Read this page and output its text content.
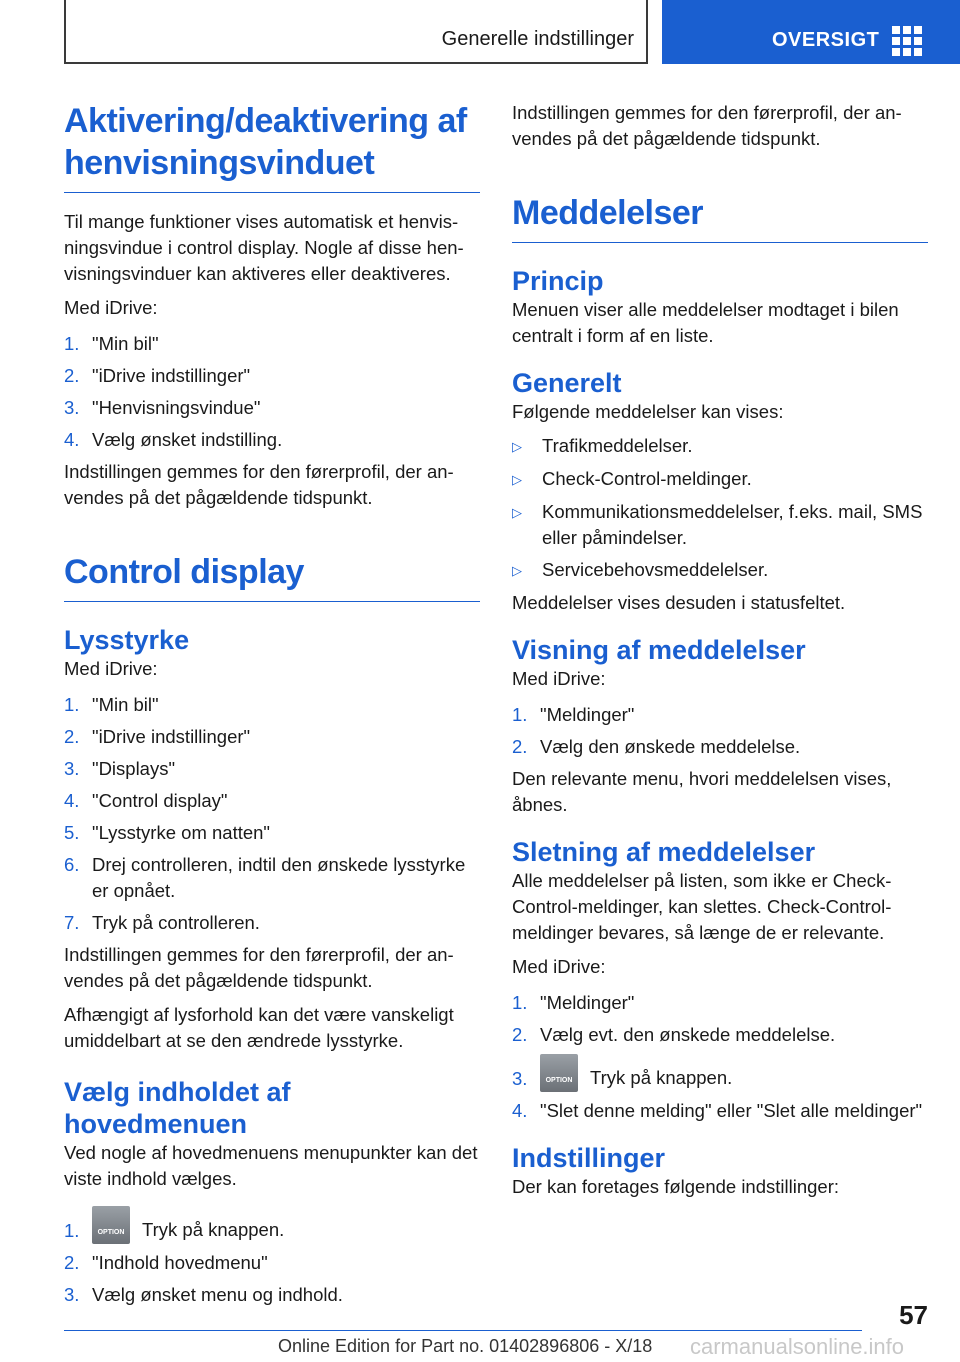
Generelle indstillinger	OVERSIGT
Aktivering/deaktivering af henvisningsvinduet

Til mange funktioner vises automatisk et henvisningsvindue i control display. Nogle af disse henvisningsvinduer kan aktiveres eller deaktiveres.

Med iDrive:

1. "Min bil"
2. "iDrive indstillinger"
3. "Henvisningsvindue"
4. Vælg ønsket indstilling.

Indstillingen gemmes for den førerprofil, der anvendes på det pågældende tidspunkt.

Control display
Lysstyrke

Med iDrive:

1. "Min bil"
2. "iDrive indstillinger"
3. "Displays"
4. "Control display"
5. "Lysstyrke om natten"
6. Drej controlleren, indtil den ønskede lysstyrke er opnået.
7. Tryk på controlleren.

Indstillingen gemmes for den førerprofil, der anvendes på det pågældende tidspunkt.

Afhængigt af lysforhold kan det være vanskeligt umiddelbart at se den ændrede lysstyrke.

Vælg indholdet af hovedmenuen

Ved nogle af hovedmenuens menupunkter kan det viste indhold vælges.

1. OPTION	Tryk på knappen.
2. "Indhold hovedmenu"
3. Vælg ønsket menu og indhold.

Indstillingen gemmes for den førerprofil, der anvendes på det pågældende tidspunkt.

Meddelelser
Princip

Menuen viser alle meddelelser modtaget i bilen centralt i form af en liste.

Generelt

Følgende meddelelser kan vises:

▷	Trafikmeddelelser.
▷	Check-Control-meldinger.
▷	Kommunikationsmeddelelser, f.eks. mail, SMS eller påmindelser.
▷	Servicebehovsmeddelelser.

Meddelelser vises desuden i statusfeltet.

Visning af meddelelser

Med iDrive:

1. "Meldinger"
2. Vælg den ønskede meddelelse.

Den relevante menu, hvori meddelelsen vises, åbnes.

Sletning af meddelelser

Alle meddelelser på listen, som ikke er Check-Control-meldinger, kan slettes. Check-Control-meldinger bevares, så længe de er relevante.

Med iDrive:

1. "Meldinger"
2. Vælg evt. den ønskede meddelelse.
3. OPTION	Tryk på knappen.
4. "Slet denne melding" eller "Slet alle meldinger"
Indstillinger

Der kan foretages følgende indstillinger:

57
Online Edition for Part no. 01402896806 - X/18 carmanualsonline.info
